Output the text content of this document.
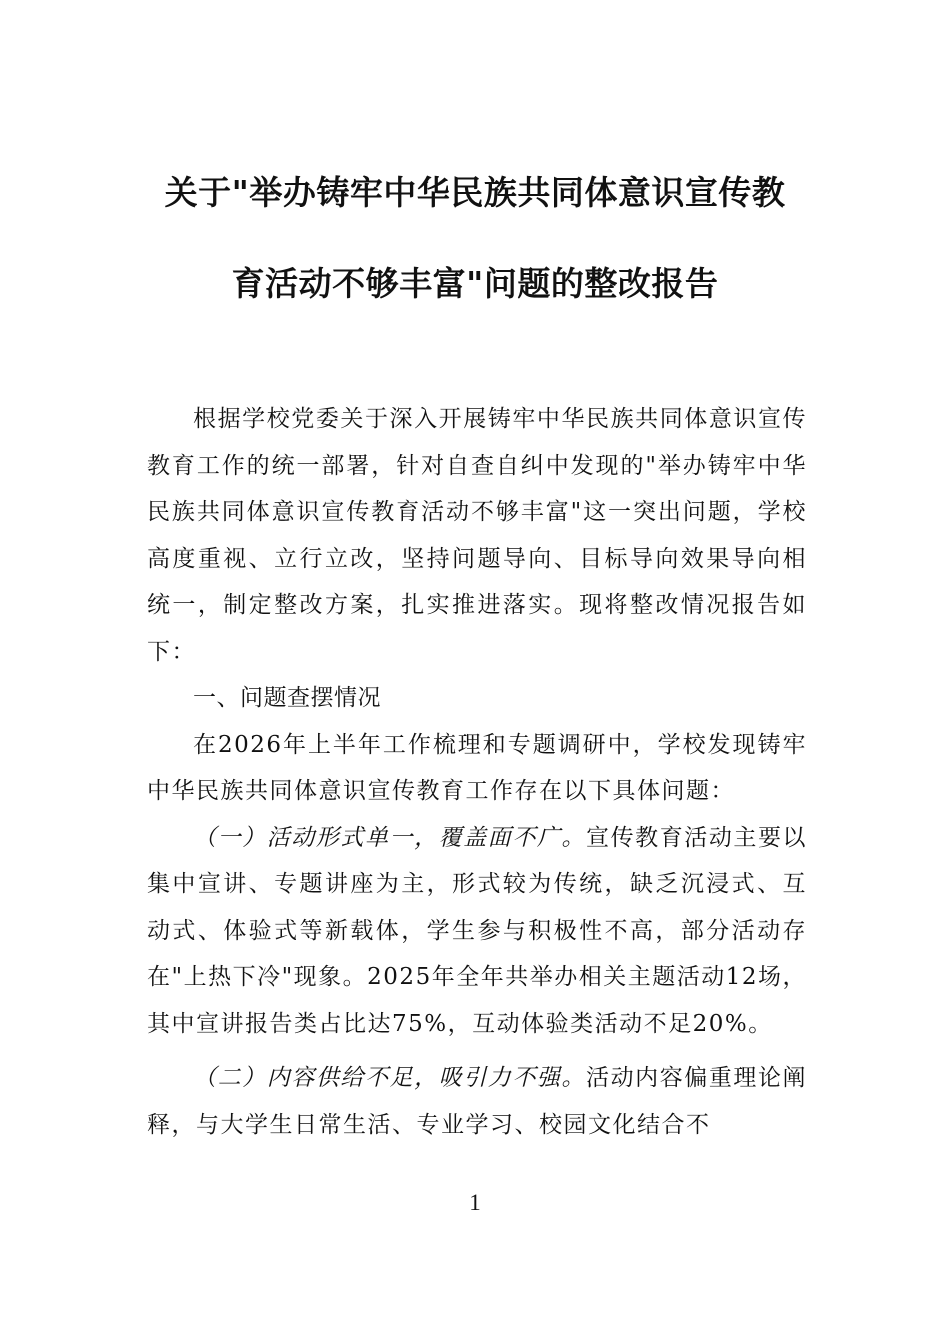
关于"举办铸牢中华民族共同体意识宣传教
育活动不够丰富"问题的整改报告

根据学校党委关于深入开展铸牢中华民族共同体意识宣传教育工作的统一部署，针对自查自纠中发现的"举办铸牢中华民族共同体意识宣传教育活动不够丰富"这一突出问题，学校高度重视、立行立改，坚持问题导向、目标导向效果导向相统一，制定整改方案，扎实推进落实。现将整改情况报告如下：

一、问题查摆情况

在2026年上半年工作梳理和专题调研中，学校发现铸牢中华民族共同体意识宣传教育工作存在以下具体问题：

（一）活动形式单一，覆盖面不广。宣传教育活动主要以集中宣讲、专题讲座为主，形式较为传统，缺乏沉浸式、互动式、体验式等新载体，学生参与积极性不高，部分活动存在"上热下冷"现象。2025年全年共举办相关主题活动12场，其中宣讲报告类占比达75%，互动体验类活动不足20%。

（二）内容供给不足，吸引力不强。活动内容偏重理论阐释，与大学生日常生活、专业学习、校园文化结合不

1
